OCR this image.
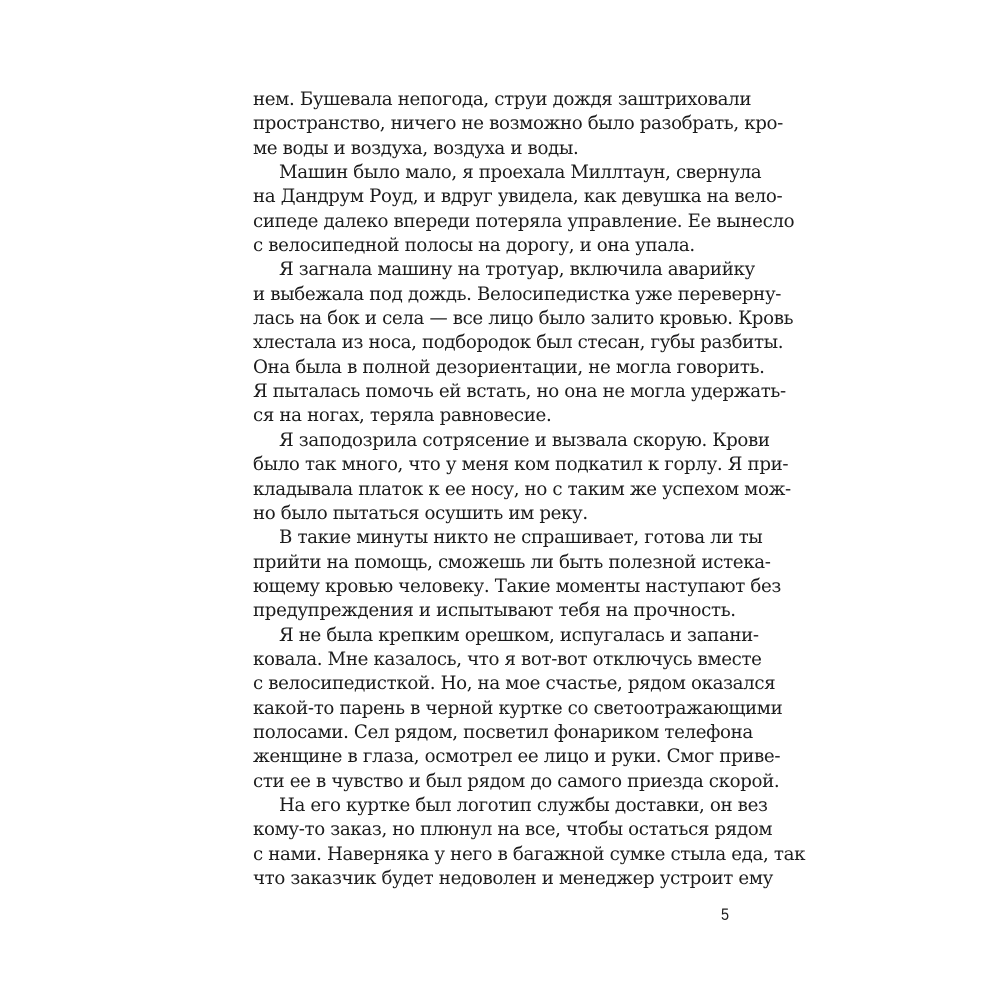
нем. Бушевала непогода, струи дождя заштриховали
пространство, ничего не возможно было разобрать, кро-
ме воды и воздуха, воздуха и воды.
Машин было мало, я проехала Миллтаун, свернула
на Дандрум Роуд, и вдруг увидела, как девушка на вело-
сипеде далеко впереди потеряла управление. Ее вынесло
с велосипедной полосы на дорогу, и она упала.
Я загнала машину на тротуар, включила аварийку
и выбежала под дождь. Велосипедистка уже переверну-
лась на бок и села — все лицо было залито кровью. Кровь
хлестала из носа, подбородок был стесан, губы разбиты.
Она была в полной дезориентации, не могла говорить.
Я пыталась помочь ей встать, но она не могла удержать-
ся на ногах, теряла равновесие.
Я заподозрила сотрясение и вызвала скорую. Крови
было так много, что у меня ком подкатил к горлу. Я при-
кладывала платок к ее носу, но с таким же успехом мож-
но было пытаться осушить им реку.
В такие минуты никто не спрашивает, готова ли ты
прийти на помощь, сможешь ли быть полезной истека-
ющему кровью человеку. Такие моменты наступают без
предупреждения и испытывают тебя на прочность.
Я не была крепким орешком, испугалась и запани-
ковала. Мне казалось, что я вот-вот отключусь вместе
с велосипедисткой. Но, на мое счастье, рядом оказался
какой-то парень в черной куртке со светоотражающими
полосами. Сел рядом, посветил фонариком телефона
женщине в глаза, осмотрел ее лицо и руки. Смог приве-
сти ее в чувство и был рядом до самого приезда скорой.
На его куртке был логотип службы доставки, он вез
кому-то заказ, но плюнул на все, чтобы остаться рядом
с нами. Наверняка у него в багажной сумке стыла еда, так
что заказчик будет недоволен и менеджер устроит ему
5
